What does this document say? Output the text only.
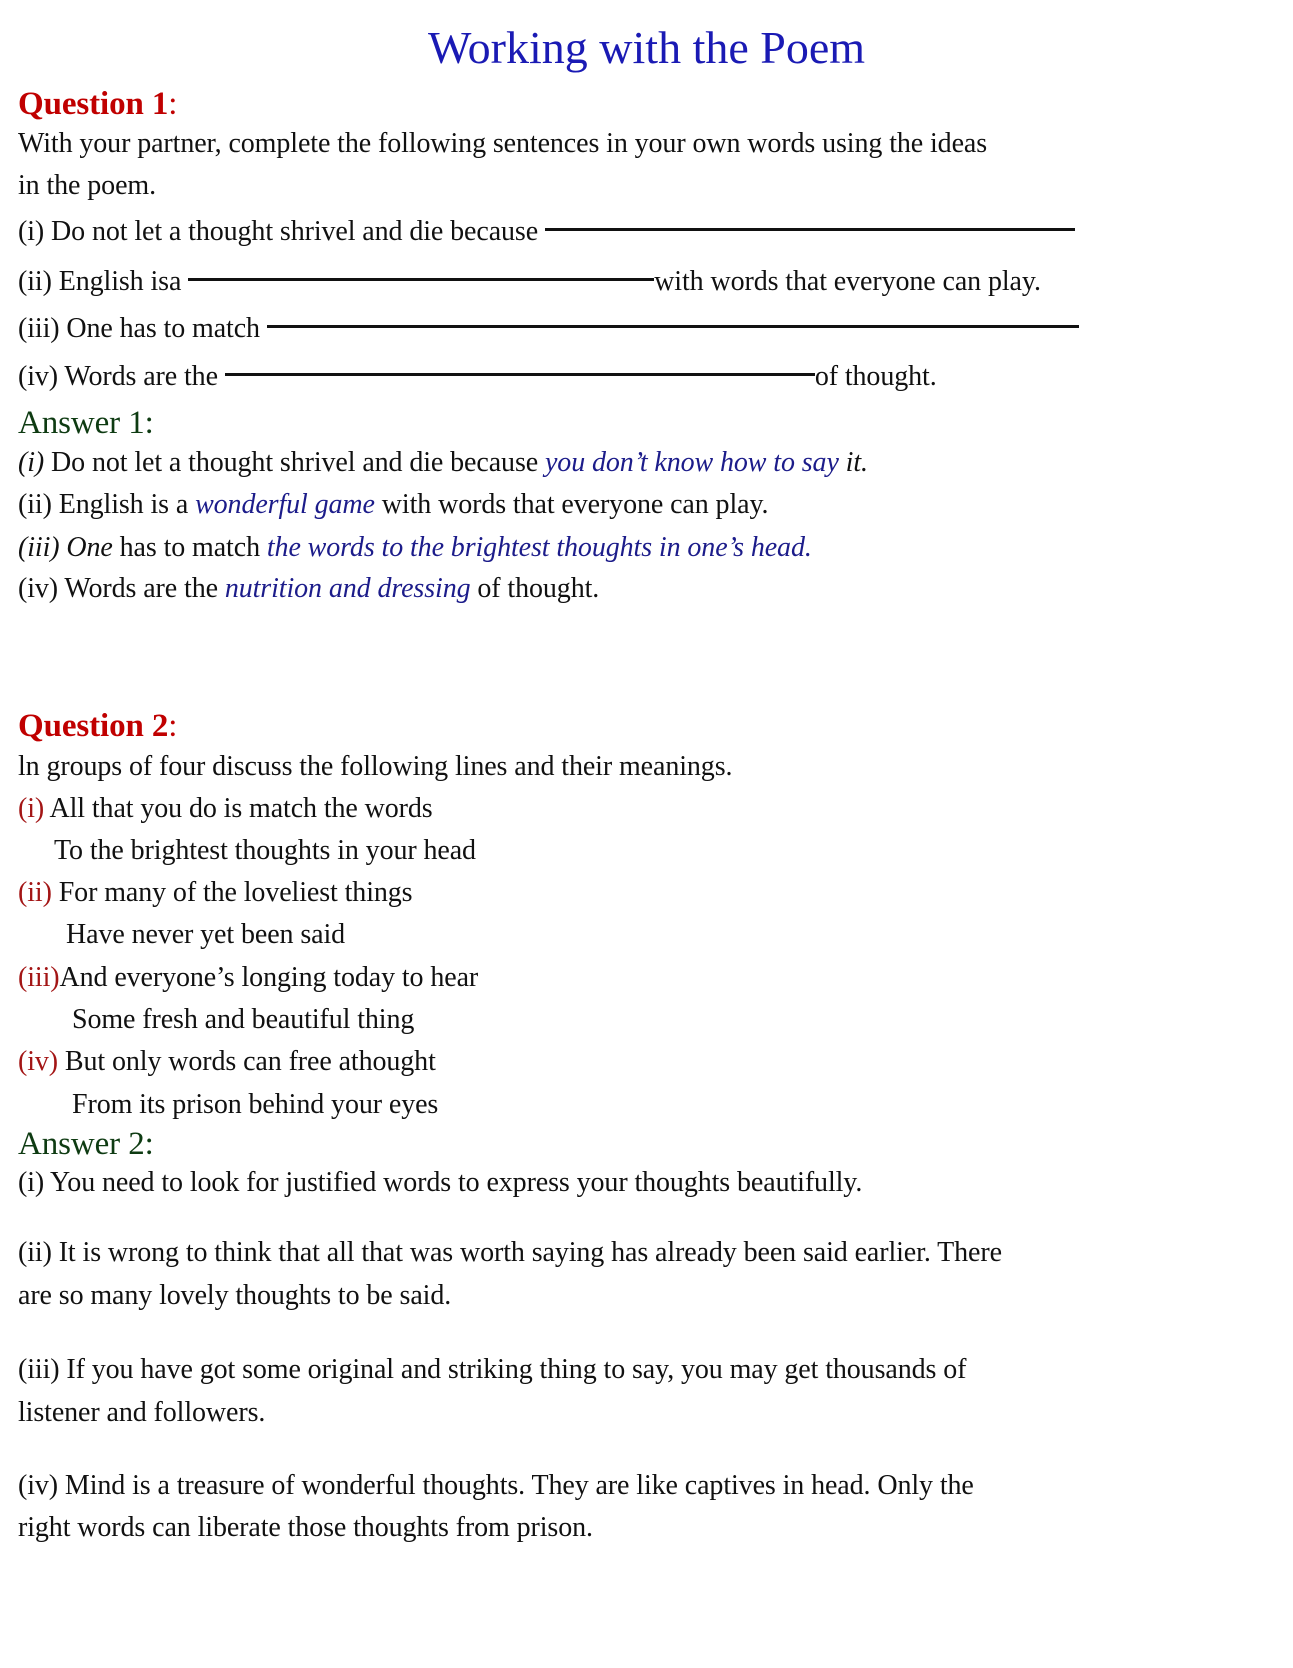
Working with the Poem
Question 1:
With your partner, complete the following sentences in your own words using the ideas
in the poem.
(i) Do not let a thought shrivel and die because
(ii) English isa	with words that everyone can play.
(iii) One has to match
(iv) Words are the	of thought.
Answer 1:
(i) Do not let a thought shrivel and die because you don’t know how to say it.
(ii) English is a wonderful game with words that everyone can play.
(iii) One has to match the words to the brightest thoughts in one’s head.
(iv) Words are the nutrition and dressing of thought.
Question 2:
ln groups of four discuss the following lines and their meanings.
(i) All that you do is match the words
To the brightest thoughts in your head
(ii) For many of the loveliest things
Have never yet been said
(iii)And everyone’s longing today to hear
Some fresh and beautiful thing
(iv) But only words can free athought
From its prison behind your eyes
Answer 2:
(i) You need to look for justified words to express your thoughts beautifully.
(ii) It is wrong to think that all that was worth saying has already been said earlier. There
are so many lovely thoughts to be said.
(iii) If you have got some original and striking thing to say, you may get thousands of
listener and followers.
(iv) Mind is a treasure of wonderful thoughts. They are like captives in head. Only the
right words can liberate those thoughts from prison.
